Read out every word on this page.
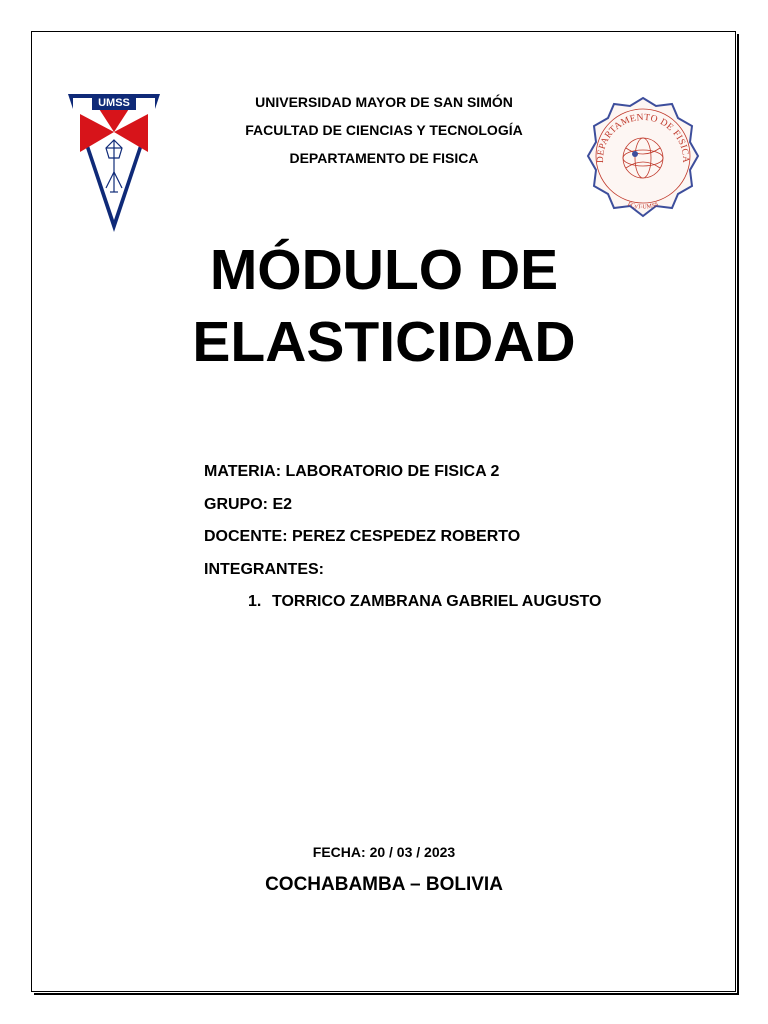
UMSS
DEPARTAMENTO DE FISICA
FCyT-UMSS
UNIVERSIDAD MAYOR DE SAN SIMÓN
FACULTAD DE CIENCIAS Y TECNOLOGÍA
DEPARTAMENTO DE FISICA
MÓDULO DE
ELASTICIDAD
MATERIA: LABORATORIO DE FISICA 2
GRUPO: E2
DOCENTE: PEREZ CESPEDEZ ROBERTO
INTEGRANTES:
1. TORRICO ZAMBRANA GABRIEL AUGUSTO
FECHA: 20 / 03 / 2023
COCHABAMBA – BOLIVIA
